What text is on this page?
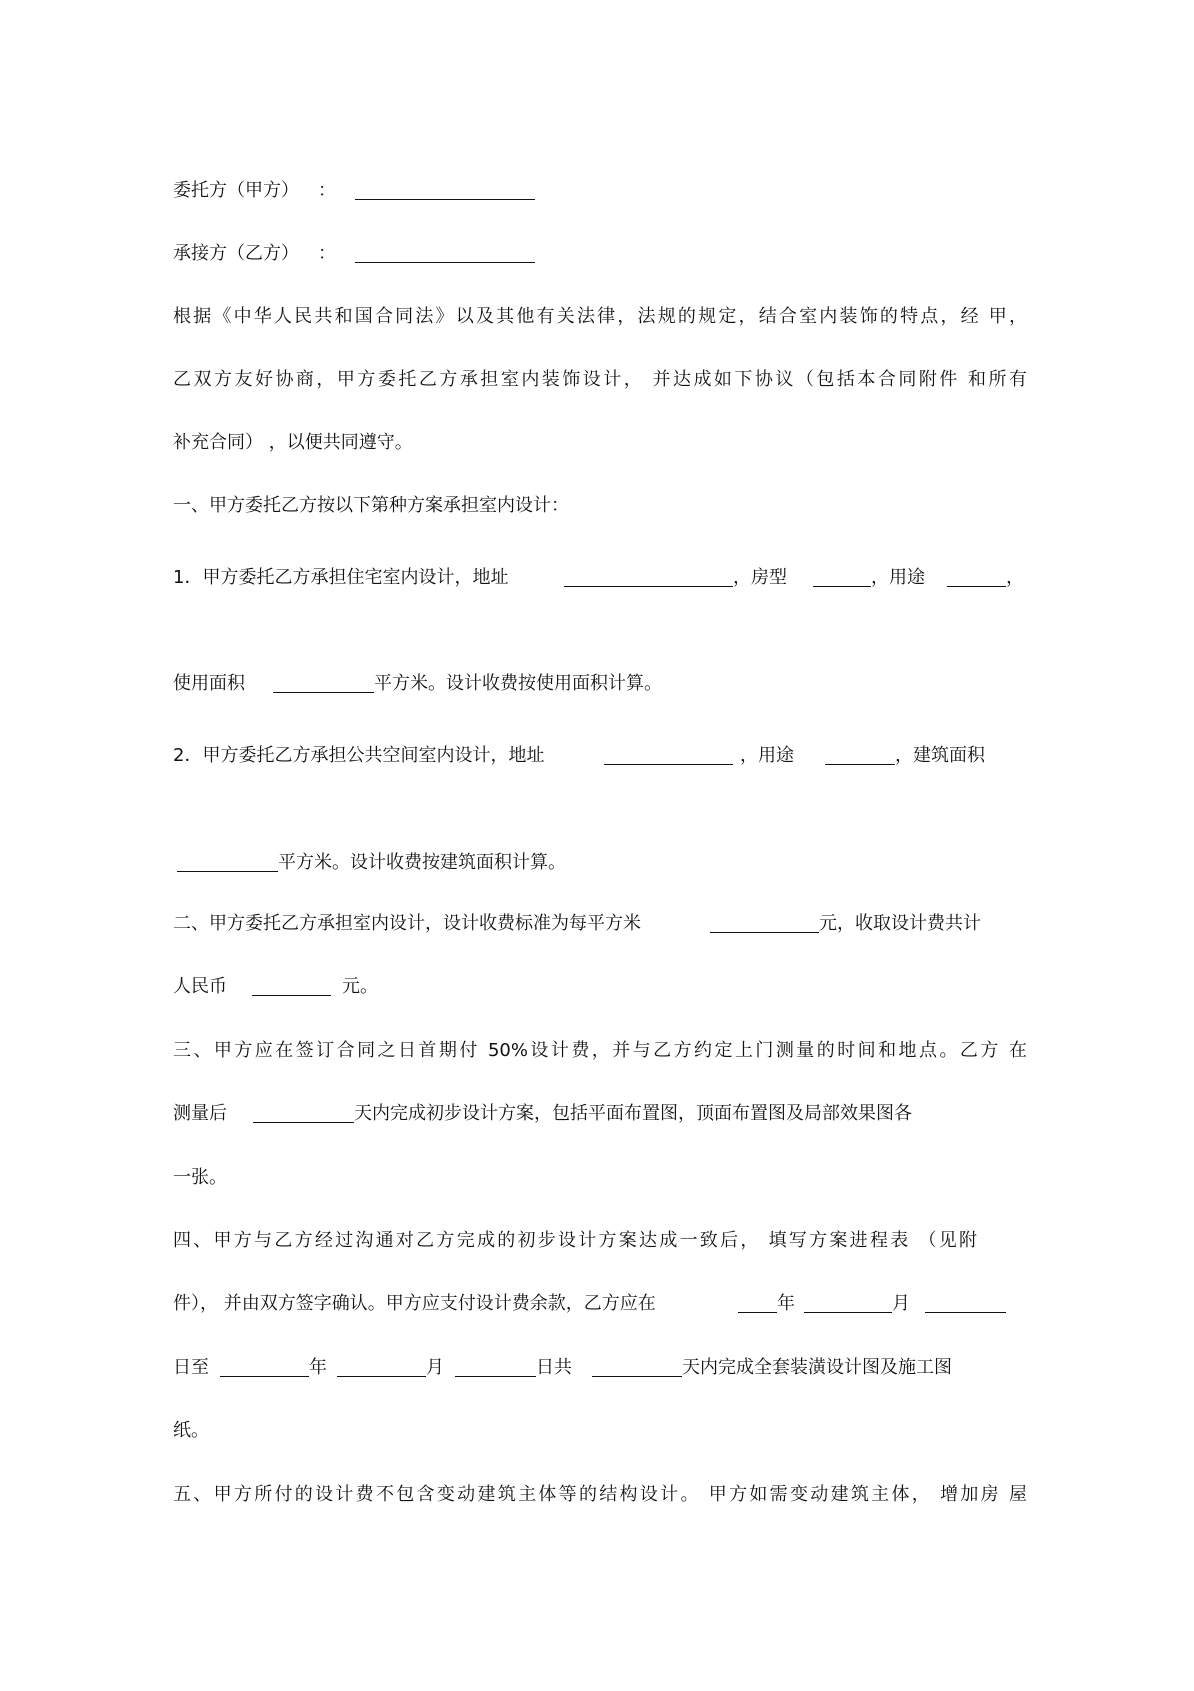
委托方（甲方） ：
承接方（乙方） ：
根据《中华人民共和国合同法》以及其他有关法律，法规的规定，结合室内装饰的特点，经 甲，
乙双方友好协商，甲方委托乙方承担室内装饰设计， 并达成如下协议（包括本合同附件 和所有
补充合同） ，以便共同遵守。
一、甲方委托乙方按以下第种方案承担室内设计：
1．甲方委托乙方承担住宅室内设计，地址	，房型	，用途	，
使用面积	平方米。设计收费按使用面积计算。
2．甲方委托乙方承担公共空间室内设计，地址	，用途	，建筑面积
平方米。设计收费按建筑面积计算。
二、甲方委托乙方承担室内设计，设计收费标准为每平方米	元，收取设计费共计
人民币	元。
三、甲方应在签订合同之日首期付 50%设计费，并与乙方约定上门测量的时间和地点。乙方 在
测量后	天内完成初步设计方案，包括平面布置图，顶面布置图及局部效果图各
一张。
四、甲方与乙方经过沟通对乙方完成的初步设计方案达成一致后， 填写方案进程表 （见附
件）， 并由双方签字确认。甲方应支付设计费余款，乙方应在	年	月
日至	年	月	日共	天内完成全套装潢设计图及施工图
纸。
五、甲方所付的设计费不包含变动建筑主体等的结构设计。 甲方如需变动建筑主体， 增加房 屋
